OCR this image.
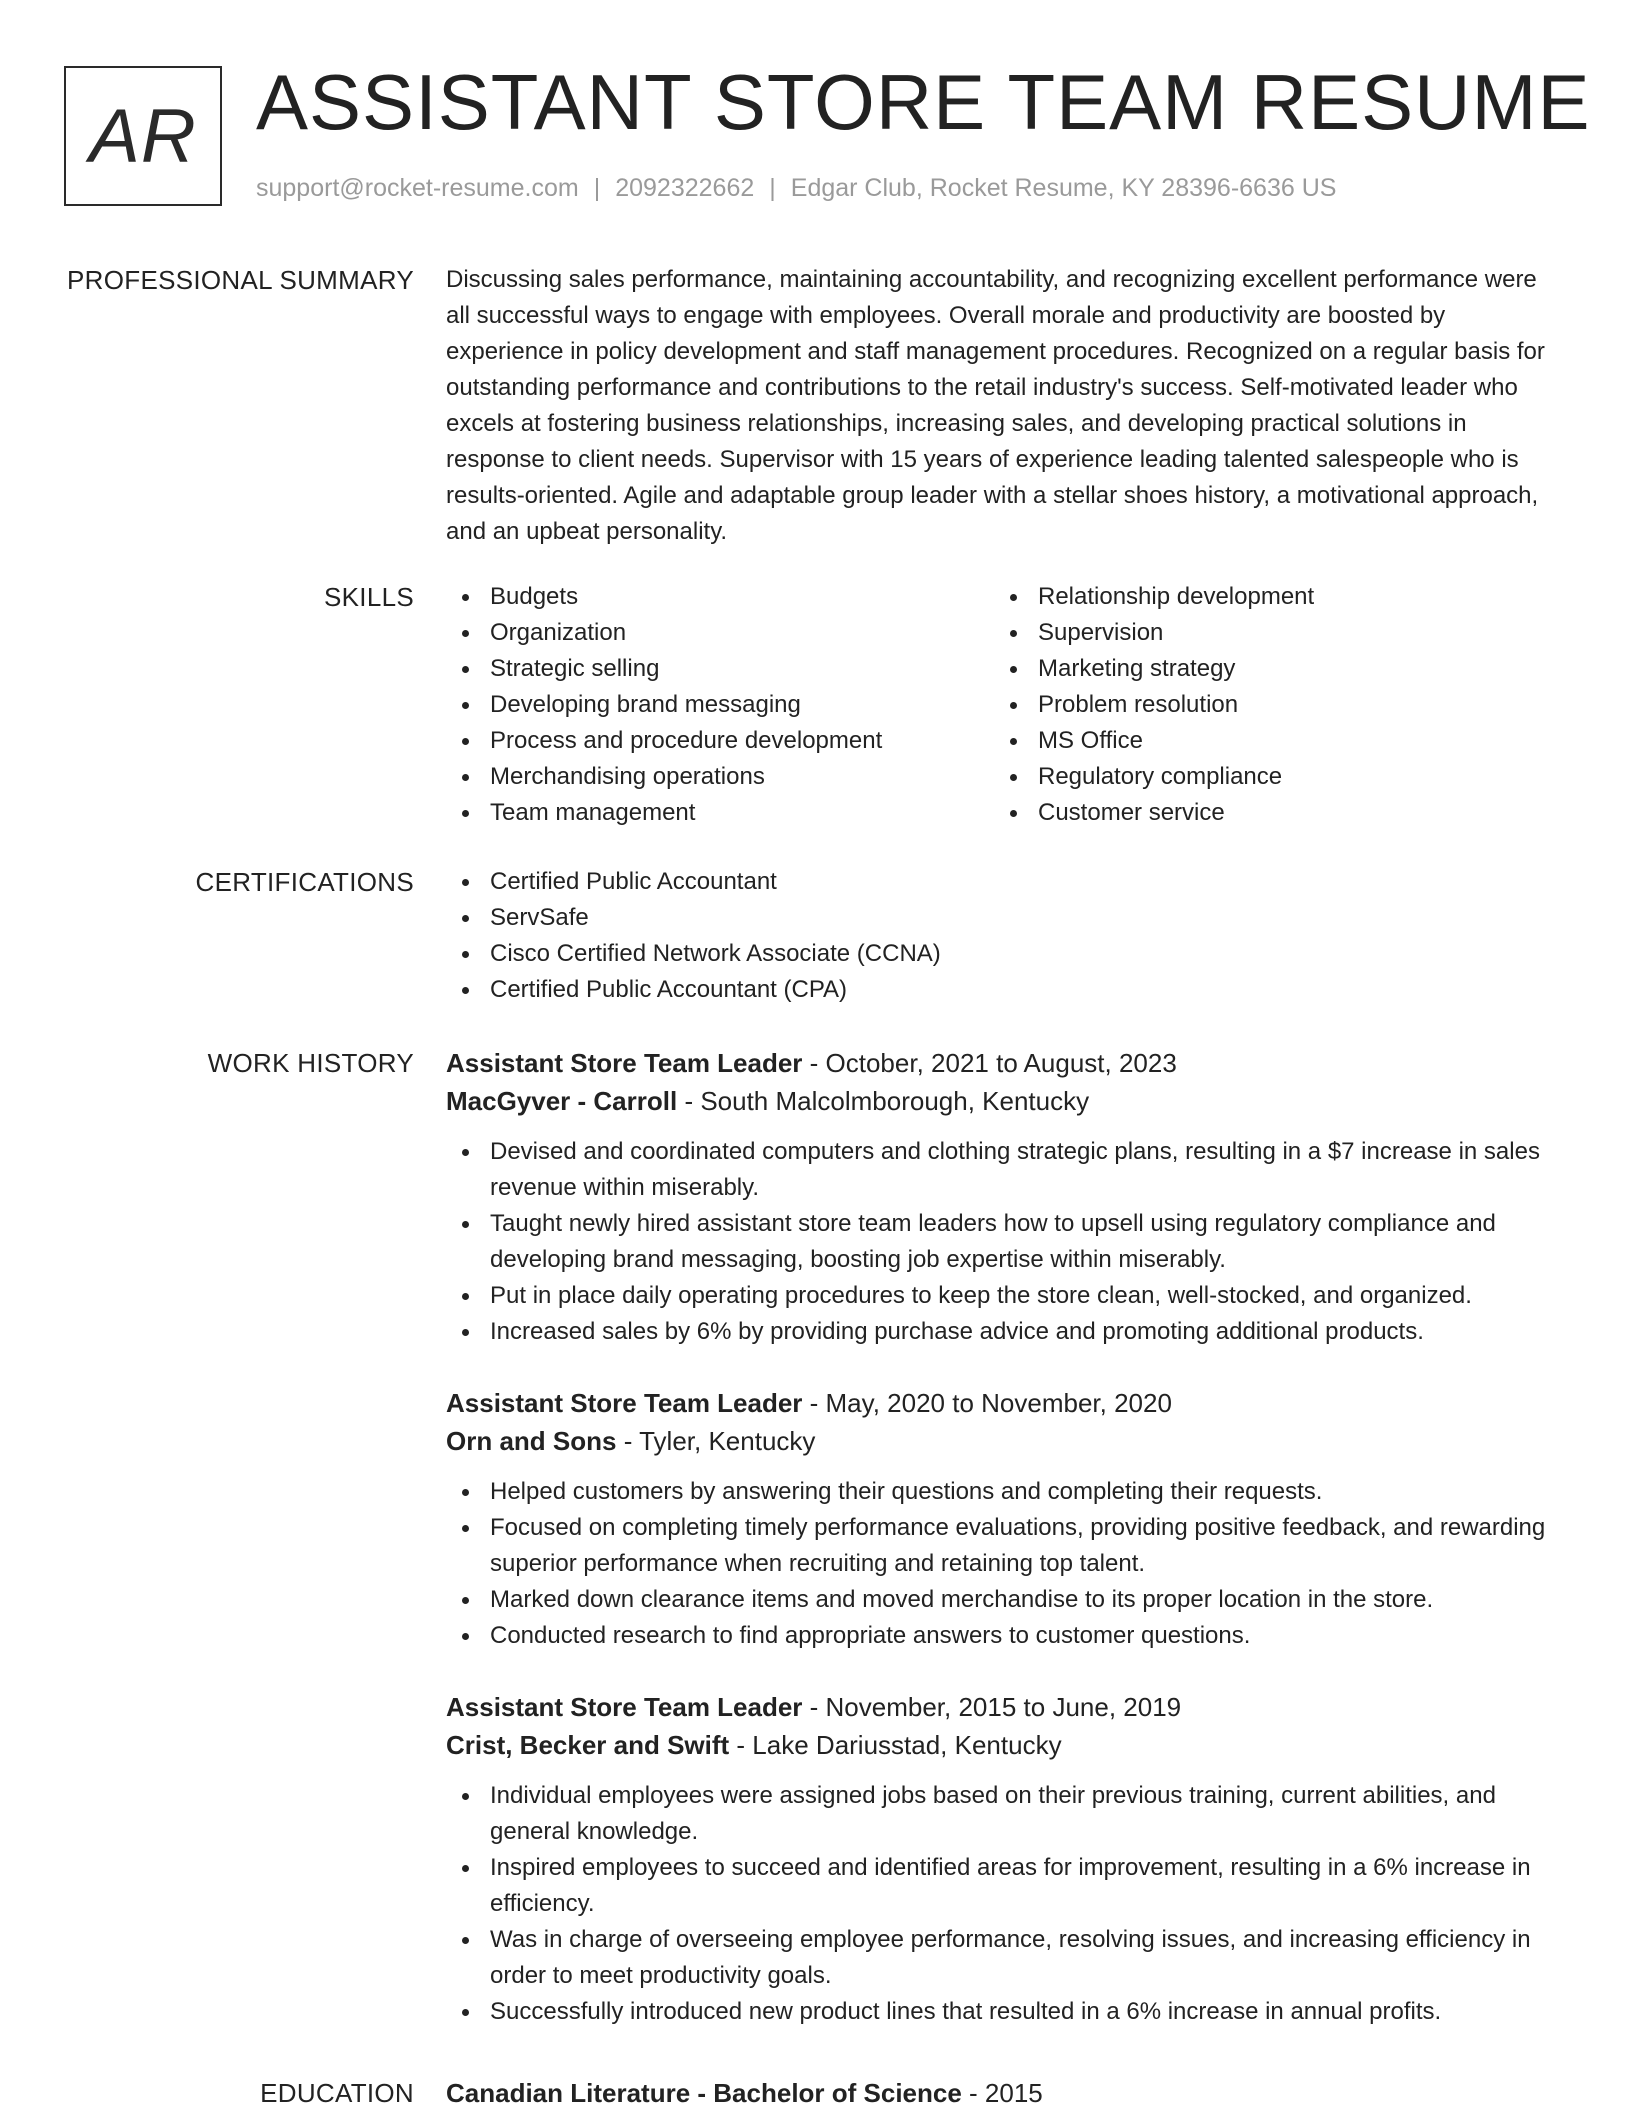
AR ASSISTANT STORE TEAM RESUME
support@rocket-resume.com | 2092322662 | Edgar Club, Rocket Resume, KY 28396-6636 US
PROFESSIONAL SUMMARY Discussing sales performance, maintaining accountability, and recognizing excellent performance were all successful ways to engage with employees. Overall morale and productivity are boosted by experience in policy development and staff management procedures. Recognized on a regular basis for outstanding performance and contributions to the retail industry's success. Self-motivated leader who excels at fostering business relationships, increasing sales, and developing practical solutions in response to client needs. Supervisor with 15 years of experience leading talented salespeople who is results-oriented. Agile and adaptable group leader with a stellar shoes history, a motivational approach, and an upbeat personality.

SKILLS	Budgets
Organization
Strategic selling
Developing brand messaging
Process and procedure development
Merchandising operations
Team management
Relationship development
Supervision
Marketing strategy
Problem resolution
MS Office
Regulatory compliance
Customer service
CERTIFICATIONS	Certified Public Accountant
ServSafe
Cisco Certified Network Associate (CCNA)
Certified Public Accountant (CPA)
WORK HISTORY Assistant Store Team Leader - October, 2021 to August, 2023
MacGyver - Carroll - South Malcolmborough, Kentucky
Devised and coordinated computers and clothing strategic plans, resulting in a $7 increase in sales revenue within miserably.
Taught newly hired assistant store team leaders how to upsell using regulatory compliance and developing brand messaging, boosting job expertise within miserably.
Put in place daily operating procedures to keep the store clean, well-stocked, and organized.
Increased sales by 6% by providing purchase advice and promoting additional products.
Assistant Store Team Leader - May, 2020 to November, 2020
Orn and Sons - Tyler, Kentucky
Helped customers by answering their questions and completing their requests.
Focused on completing timely performance evaluations, providing positive feedback, and rewarding superior performance when recruiting and retaining top talent.
Marked down clearance items and moved merchandise to its proper location in the store.
Conducted research to find appropriate answers to customer questions.
Assistant Store Team Leader - November, 2015 to June, 2019
Crist, Becker and Swift - Lake Dariusstad, Kentucky
Individual employees were assigned jobs based on their previous training, current abilities, and general knowledge.
Inspired employees to succeed and identified areas for improvement, resulting in a 6% increase in efficiency.
Was in charge of overseeing employee performance, resolving issues, and increasing efficiency in order to meet productivity goals.
Successfully introduced new product lines that resulted in a 6% increase in annual profits.
EDUCATION Canadian Literature - Bachelor of Science - 2015
